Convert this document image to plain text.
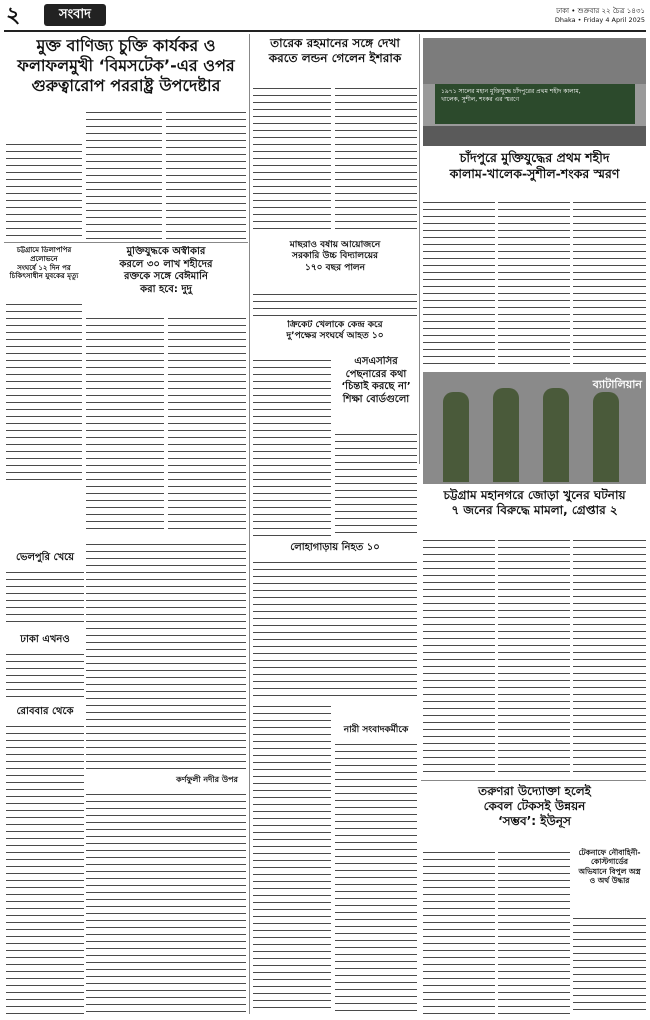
২	সংবাদ	ঢাকা • শুক্রবার ২২ চৈত্র ১৪৩১
Dhaka • Friday 4 April 2025
মুক্ত বাণিজ্য চুক্তি কার্যকর ও
ফলাফলমুখী ‘বিমসটেক’-এর ওপর
গুরুত্বারোপ পররাষ্ট্র উপদেষ্টার
তারেক রহমানের সঙ্গে দেখা
করতে লন্ডন গেলেন ইশরাক
১৯৭১ সালের মহান মুক্তিযুদ্ধে চাঁদপুরের প্রথম শহীদ কালাম,
খালেক, সুশীল, শংকর এর স্মরণে
চাঁদপুরে মুক্তিযুদ্ধের প্রথম শহীদ
কালাম-খালেক-সুশীল-শংকর স্মরণ
চট্টগ্রামে ডিলাপপির প্রলোভনে
সংঘর্ষে ১২ দিন পর
চিকিৎসাধীন যুবকের মৃত্যু
মুক্তিযুদ্ধকে অস্বীকার
করলে ৩০ লাখ শহীদের
রক্তকে সঙ্গে বেঈমানি
করা হবে: দুদু
মাছরাও বর্ষায় আয়োজনে
সরকারি উচ্চ বিদ্যালয়ের
১৭০ বছর পালন
ক্রিকেট খেলাকে কেন্দ্র করে
দু’পক্ষের সংঘর্ষে আহত ১০
এসএসসির
পেছনারের কথা
‘চিন্তাই করছে না’
শিক্ষা বোর্ডগুলো
ব্যাটালিয়ান
চট্টগ্রাম মহানগরে জোড়া খুনের ঘটনায়
৭ জনের বিরুদ্ধে মামলা, গ্রেপ্তার ২
ভেলপুরি খেয়ে
ঢাকা এখনও
রোববার থেকে
লোহাগাড়ায় নিহত ১০
কর্ণফুলী নদীর উপর
নারী সংবাদকর্মীকে
তরুণরা উদ্যোক্তা হলেই
কেবল টেকসই উন্নয়ন
‘সম্ভব’: ইউনূস
টেকনাফে নৌবাহিনী-
কোস্টগার্ডের
অভিযানে বিপুল অস্ত্র
ও অর্থ উদ্ধার
